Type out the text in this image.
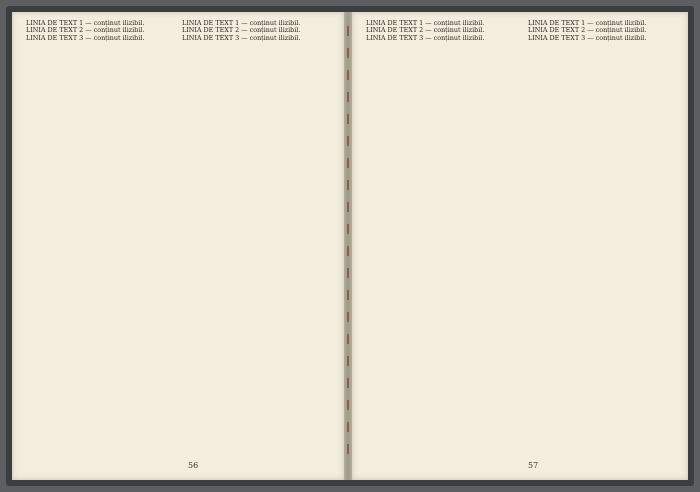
LINIA DE TEXT 1 — conținut ilizibil.

LINIA DE TEXT 2 — conținut ilizibil.

LINIA DE TEXT 3 — conținut ilizibil.

LINIA DE TEXT 1 — conținut ilizibil.

LINIA DE TEXT 2 — conținut ilizibil.

LINIA DE TEXT 3 — conținut ilizibil.

56

LINIA DE TEXT 1 — conținut ilizibil.

LINIA DE TEXT 2 — conținut ilizibil.

LINIA DE TEXT 3 — conținut ilizibil.

LINIA DE TEXT 1 — conținut ilizibil.

LINIA DE TEXT 2 — conținut ilizibil.

LINIA DE TEXT 3 — conținut ilizibil.

57
